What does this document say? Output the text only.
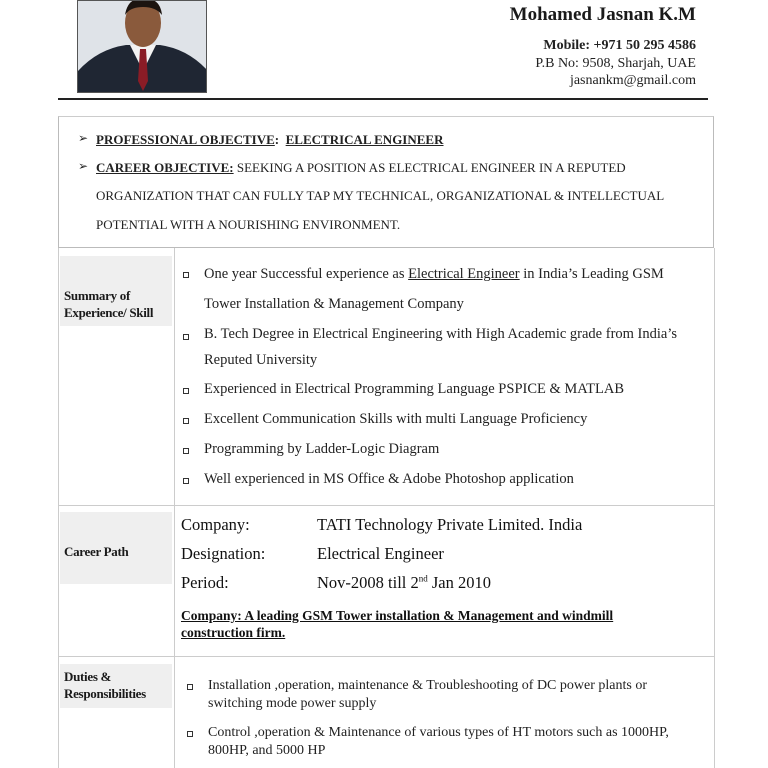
Mohamed Jasnan K.M
Mobile: +971 50 295 4586
P.B No: 9508, Sharjah, UAE
jasnankm@gmail.com
➢ PROFESSIONAL OBJECTIVE: ELECTRICAL ENGINEER
➢ CAREER OBJECTIVE: SEEKING A POSITION AS ELECTRICAL ENGINEER IN A REPUTED
ORGANIZATION THAT CAN FULLY TAP MY TECHNICAL, ORGANIZATIONAL & INTELLECTUAL
POTENTIAL WITH A NOURISHING ENVIRONMENT.
Summary of
Experience/ Skill
One year Successful experience as Electrical Engineer in India’s Leading GSM
Tower Installation & Management Company
B. Tech Degree in Electrical Engineering with High Academic grade from India’s
Reputed University
Experienced in Electrical Programming Language PSPICE & MATLAB
Excellent Communication Skills with multi Language Proficiency
Programming by Ladder-Logic Diagram
Well experienced in MS Office & Adobe Photoshop application
Career Path
Company:	TATI Technology Private Limited. India
Designation:	Electrical Engineer
Period:	Nov-2008 till 2nd Jan 2010
Company: A leading GSM Tower installation & Management and windmill
construction firm.
Duties &
Responsibilities
Installation ,operation, maintenance & Troubleshooting of DC power plants or
switching mode power supply
Control ,operation & Maintenance of various types of HT motors such as 1000HP,
800HP, and 5000 HP
